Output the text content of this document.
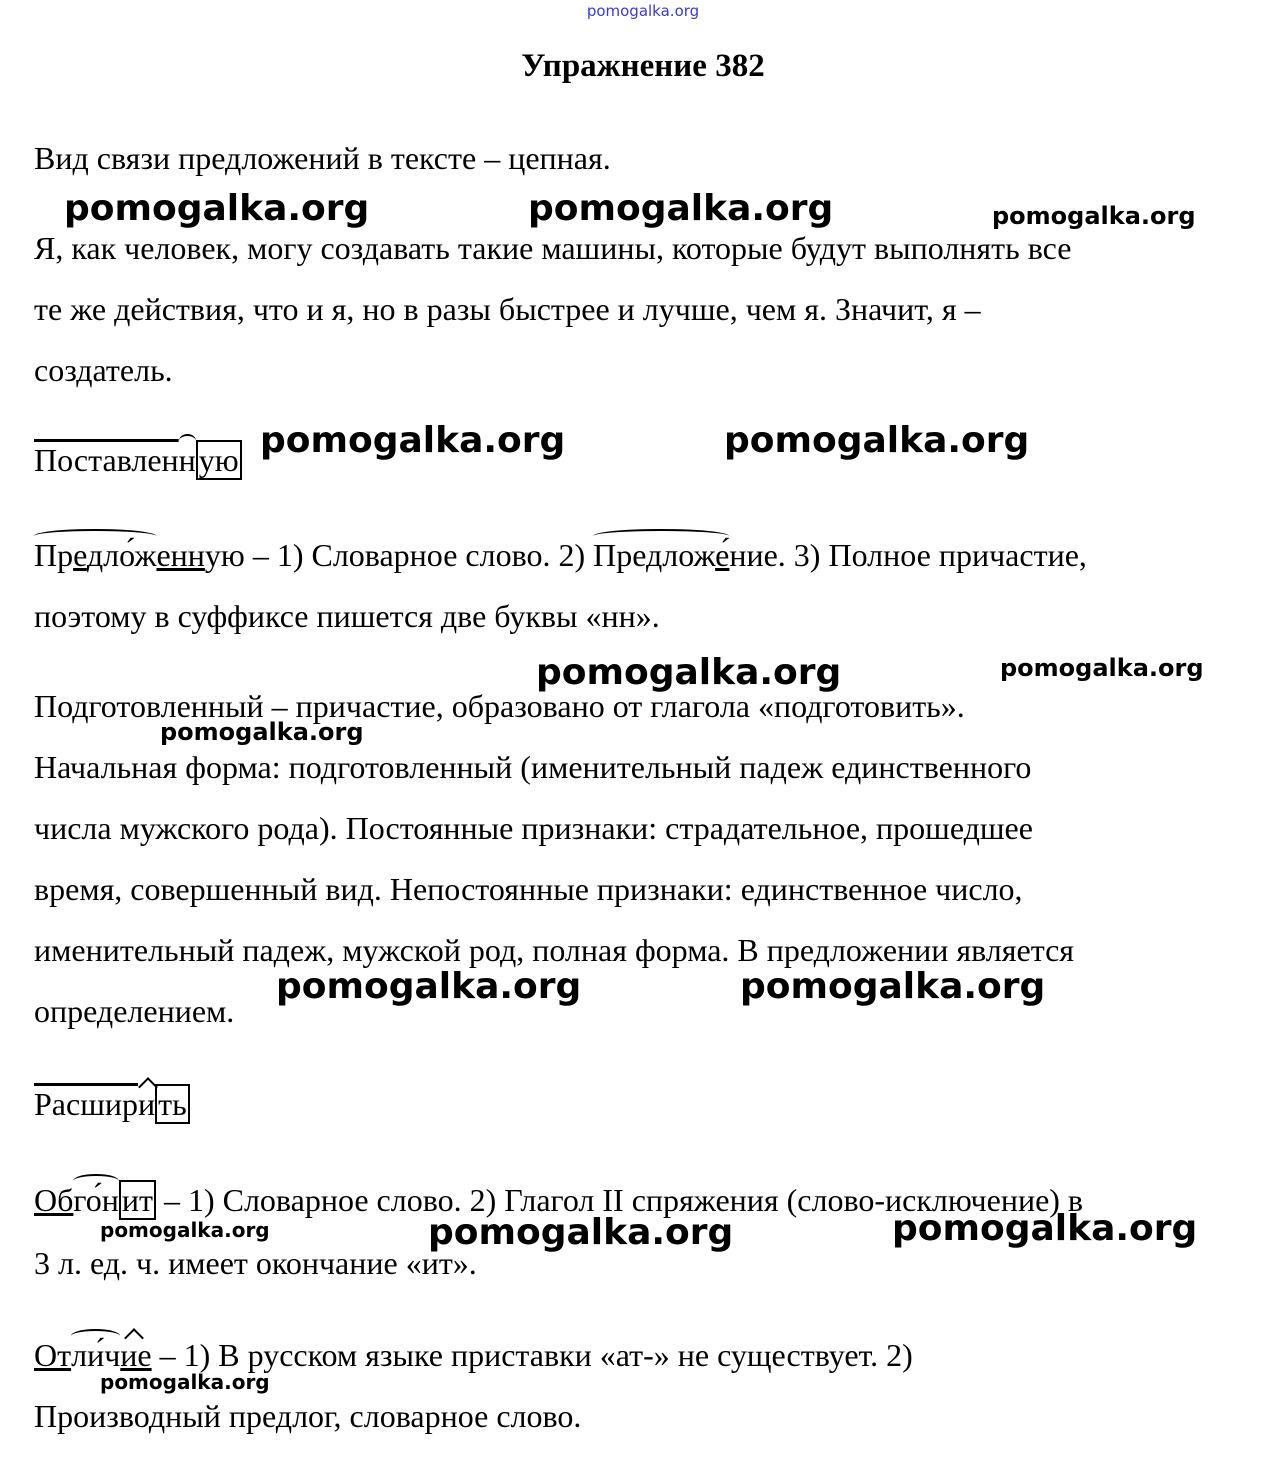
pomogalka.org
Упражнение 382
Вид связи предложений в тексте – цепная.
Я, как человек, могу создавать такие машины, которые будут выполнять все
те же действия, что и я, но в разы быстрее и лучше, чем я. Значит, я –
создатель.
Поставленную
Предло́женную – 1) Словарное слово. 2) Предложе́ние. 3) Полное причастие,
поэтому в суффиксе пишется две буквы «нн».
Подготовленный – причастие, образовано от глагола «подготовить».
Начальная форма: подготовленный (именительный падеж единственного
числа мужского рода). Постоянные признаки: страдательное, прошедшее
время, совершенный вид. Непостоянные признаки: единственное число,
именительный падеж, мужской род, полная форма. В предложении является
определением.
Расширить
Обго́нит – 1) Словарное слово. 2) Глагол II спряжения (слово-исключение) в
3 л. ед. ч. имеет окончание «ит».
Отли́чие – 1) В русском языке приставки «ат-» не существует. 2)
Производный предлог, словарное слово.
pomogalka.org	pomogalka.org	pomogalka.org
pomogalka.org	pomogalka.org
pomogalka.org	pomogalka.org
pomogalka.org
pomogalka.org	pomogalka.org
pomogalka.org	pomogalka.org	pomogalka.org
pomogalka.org
